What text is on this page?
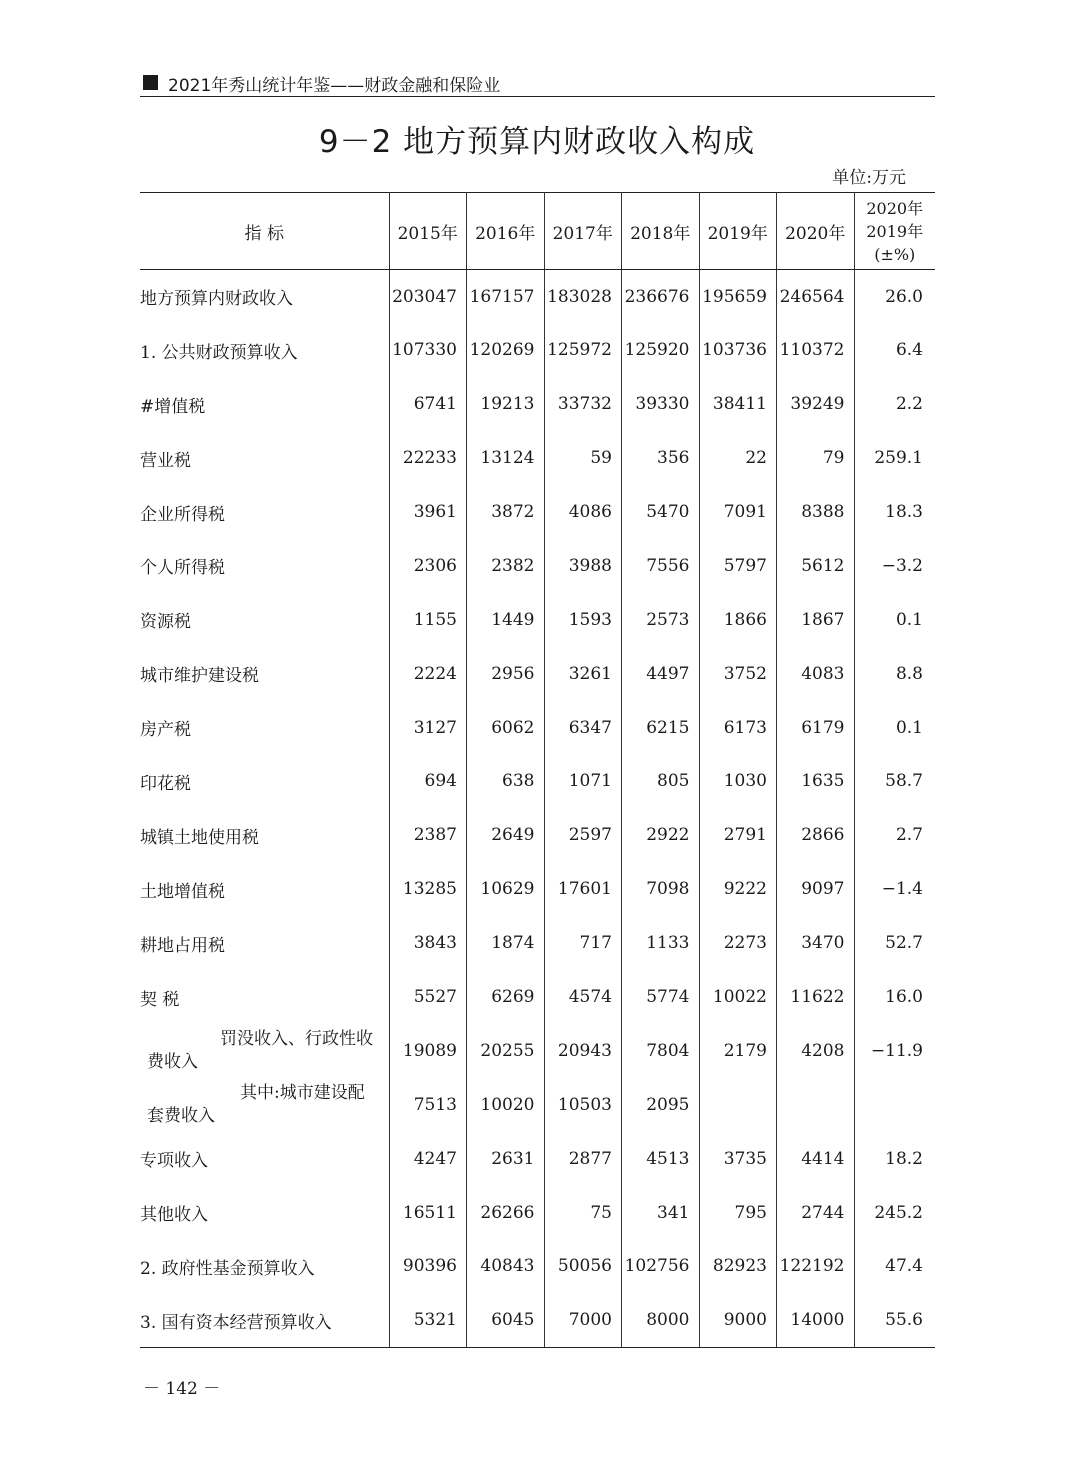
2021年秀山统计年鉴——财政金融和保险业
9－2 地方预算内财政收入构成
单位:万元
指 标	2015年	2016年	2017年	2018年	2019年	2020年	2020年
2019年
(±%)

地方预算内财政收入	203047	167157	183028	236676	195659	246564	26.0
1. 公共财政预算收入	107330	120269	125972	125920	103736	110372	6.4
#增值税	6741	19213	33732	39330	38411	39249	2.2
营业税	22233	13124	59	356	22	79	259.1
企业所得税	3961	3872	4086	5470	7091	8388	18.3
个人所得税	2306	2382	3988	7556	5797	5612	−3.2
资源税	1155	1449	1593	2573	1866	1867	0.1
城市维护建设税	2224	2956	3261	4497	3752	4083	8.8
房产税	3127	6062	6347	6215	6173	6179	0.1
印花税	694	638	1071	805	1030	1635	58.7
城镇土地使用税	2387	2649	2597	2922	2791	2866	2.7
土地增值税	13285	10629	17601	7098	9222	9097	−1.4
耕地占用税	3843	1874	717	1133	2273	3470	52.7
契 税	5527	6269	4574	5774	10022	11622	16.0

罚没收入、行政性收
费收入	19089	20255	20943	7804	2179	4208	−11.9

其中:城市建设配
套费收入	7513	10020	10503	2095			
专项收入	4247	2631	2877	4513	3735	4414	18.2
其他收入	16511	26266	75	341	795	2744	245.2
2. 政府性基金预算收入	90396	40843	50056	102756	82923	122192	47.4
3. 国有资本经营预算收入	5321	6045	7000	8000	9000	14000	55.6
－ 142 －
